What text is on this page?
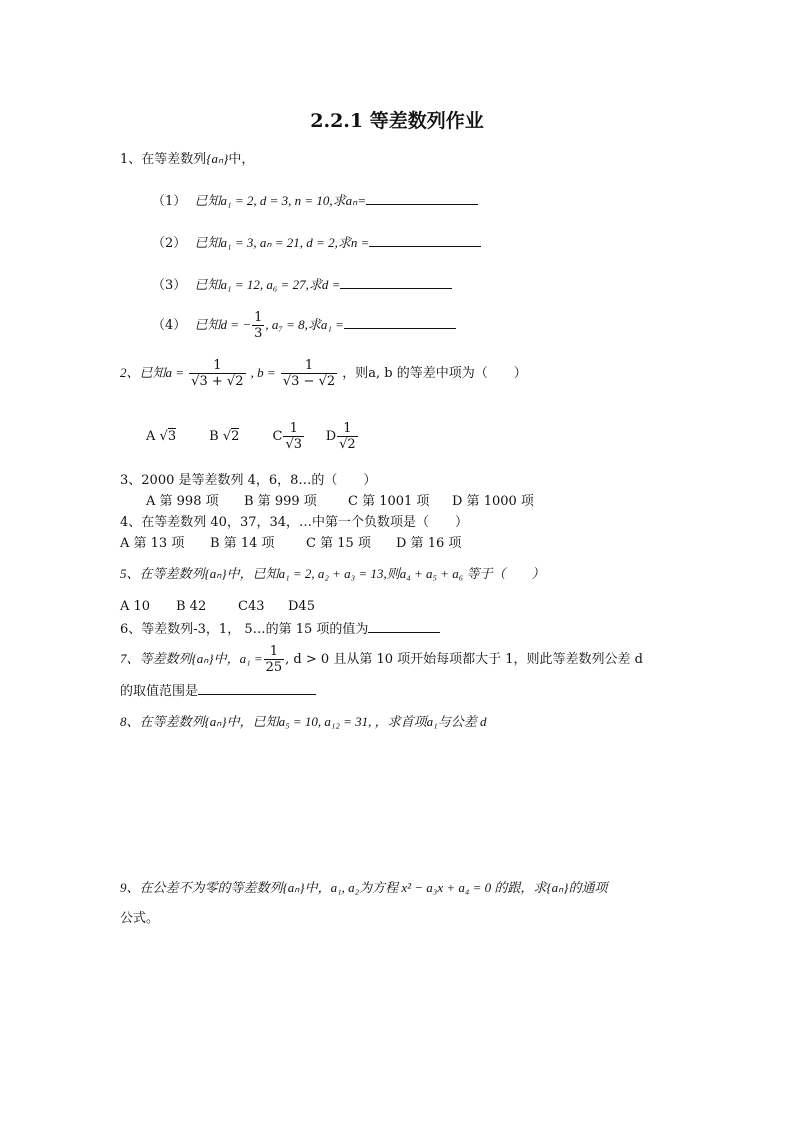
2.2.1 等差数列作业
1、在等差数列{aₙ}中，
（1） 已知a₁ = 2, d = 3, n = 10,求aₙ=
（2） 已知a₁ = 3, aₙ = 21, d = 2,求n =
（3） 已知a₁ = 12, a₆ = 27,求d =
（4） 已知d = − $\frac{1}{3}$ , a₇ = 8,求a₁ =
2、已知$a = \frac{1}{√3 + √2}$ , $b = \frac{1}{√3 - √2}$ ，则a, b 的等差中项为（　　）
A √3	B √2	C $\frac{1}{√3}$ D $\frac{1}{√2}$
3、2000 是等差数列 4，6，8…的（　　）
A 第 998 项 B 第 999 项 C 第 1001 项 D 第 1000 项
4、在等差数列 40，37，34，…中第一个负数项是（　　）
A 第 13 项 B 第 14 项 C 第 15 项 D 第 16 项
5、在等差数列{aₙ}中，已知a₁ = 2, a₂ + a₃ = 13,则a₄ + a₅ + a₆ 等于（　　）
A 10 B 42 C43 D45
6、等差数列-3，1， 5…的第 15 项的值为
7、等差数列{aₙ}中，$a_1 = \frac{1}{25}$ , d > 0 且从第 10 项开始每项都大于 1，则此等差数列公差 d
的取值范围是
8、在等差数列{aₙ}中，已知a₅ = 10, a₁₂ = 31, ，求首项a₁与公差 d
9、在公差不为零的等差数列{aₙ}中，a₁, a₂为方程 x² − a₃x + a₄ = 0 的跟，求{aₙ}的通项
公式。
